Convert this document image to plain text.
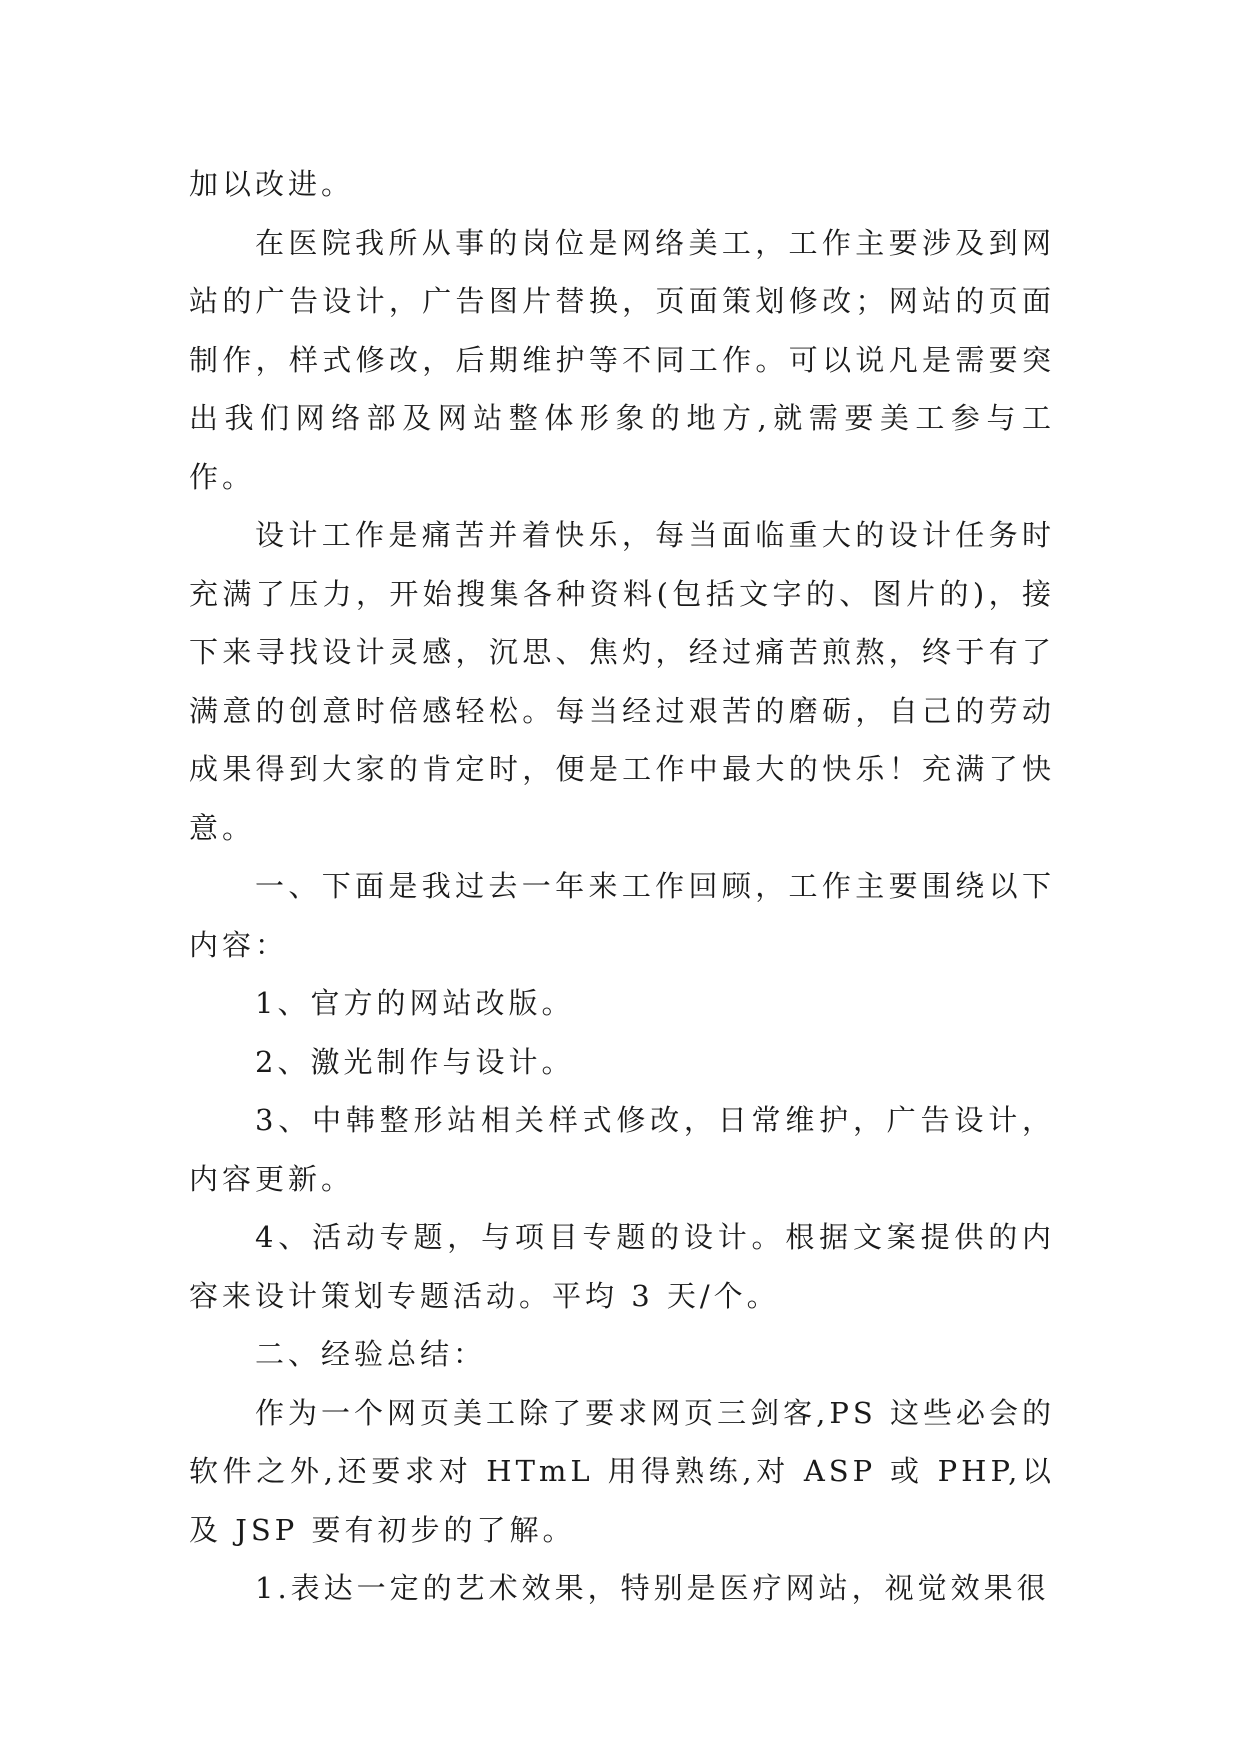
加以改进。

在医院我所从事的岗位是网络美工，工作主要涉及到网站的广告设计，广告图片替换，页面策划修改；网站的页面制作，样式修改，后期维护等不同工作。可以说凡是需要突出我们网络部及网站整体形象的地方,就需要美工参与工作。

设计工作是痛苦并着快乐，每当面临重大的设计任务时充满了压力，开始搜集各种资料(包括文字的、图片的)，接下来寻找设计灵感，沉思、焦灼，经过痛苦煎熬，终于有了满意的创意时倍感轻松。每当经过艰苦的磨砺，自己的劳动成果得到大家的肯定时，便是工作中最大的快乐！充满了快意。

一、下面是我过去一年来工作回顾，工作主要围绕以下内容：

1、官方的网站改版。

2、激光制作与设计。

3、中韩整形站相关样式修改，日常维护，广告设计，内容更新。

4、活动专题，与项目专题的设计。根据文案提供的内容来设计策划专题活动。平均 3 天/个。

二、经验总结：

作为一个网页美工除了要求网页三剑客,PS 这些必会的软件之外,还要求对 HTmL 用得熟练,对 ASP 或 PHP,以及 JSP 要有初步的了解。

1.表达一定的艺术效果，特别是医疗网站，视觉效果很
